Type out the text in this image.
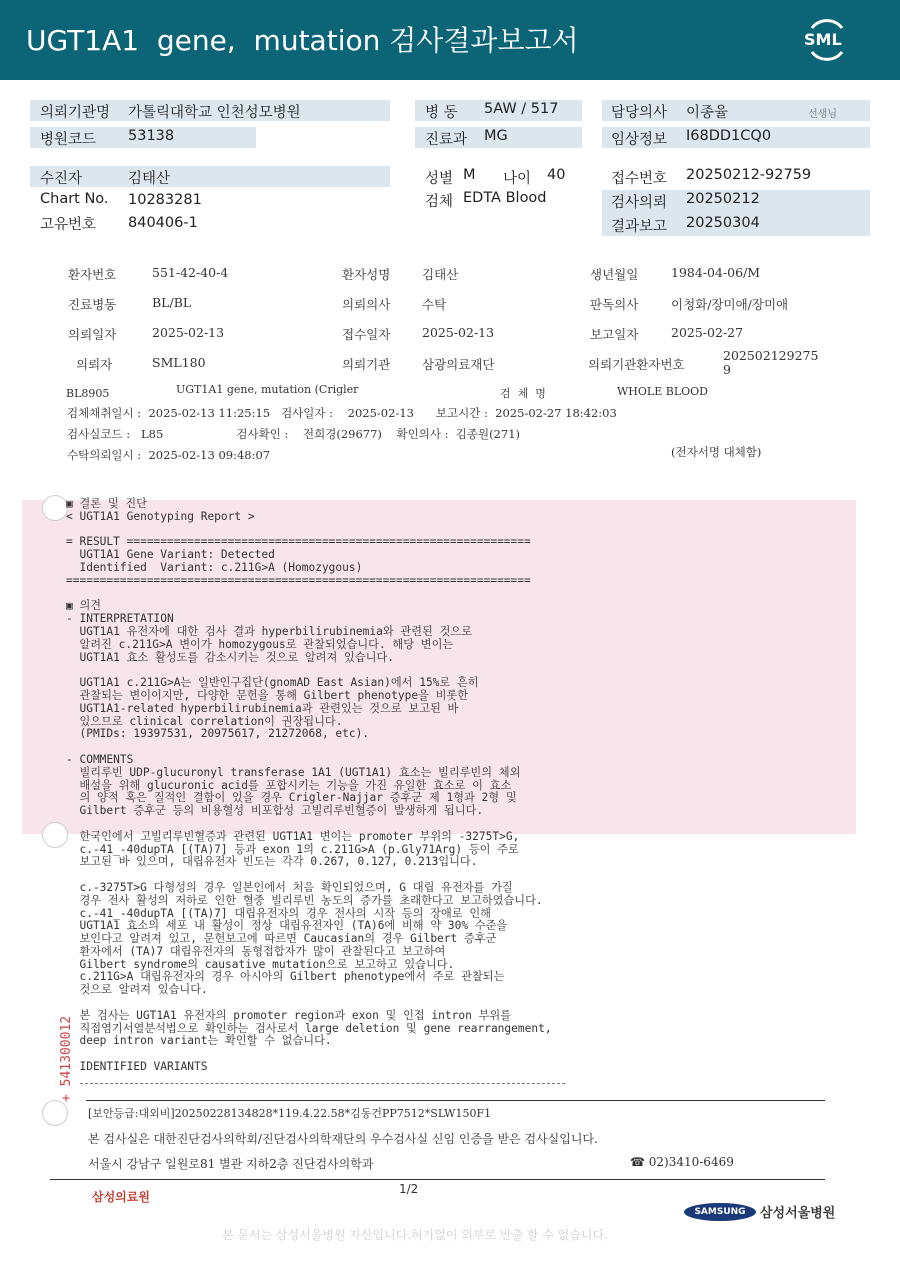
UGT1A1  gene,  mutation 검사결과보고서	SML
의뢰기관명 가톨릭대학교 인천성모병원
병원코드 53138
병 동 5AW / 517
진료과 MG
담당의사 이종율	선생님
임상정보 I68DD1CQ0
수진자	김태산
Chart No. 10283281
고유번호 840406-1
성별 M 나이 40
검체 EDTA Blood
접수번호 20250212-92759
검사의뢰 20250212
결과보고 20250304
환자번호	551-42-40-4	환자성명	김태산	생년월일	1984-04-06/M
진료병동	BL/BL	의뢰의사	수탁	판독의사	이청화/장미애/장미애
의뢰일자	2025-02-13	접수일자	2025-02-13	보고일자	2025-02-27
의뢰자	SML180	의뢰기관	삼광의료재단	의뢰기관환자번호
202502129275
9
BL8905	UGT1A1 gene, mutation (Crigler	검  체  명	WHOLE BLOOD
검체채취일시 :  2025-02-13 11:25:15   검사일자 :    2025-02-13      보고시간 :  2025-02-27 18:42:03
검사실코드 :   L85                    검사확인 :    전희경(29677)    확인의사 :  김종원(271)
수탁의뢰일시 :  2025-02-13 09:48:07	(전자서명 대체함)
▣ 결론 및 진단
< UGT1A1 Genotyping Report >

= RESULT ============================================================
UGT1A1 Gene Variant: Detected
Identified  Variant: c.211G>A (Homozygous)
=====================================================================

▣ 의견
- INTERPRETATION
UGT1A1 유전자에 대한 검사 결과 hyperbilirubinemia와 관련된 것으로
알려진 c.211G>A 변이가 homozygous로 관찰되었습니다. 해당 변이는
UGT1A1 효소 활성도를 감소시키는 것으로 알려져 있습니다.

UGT1A1 c.211G>A는 일반인구집단(gnomAD East Asian)에서 15%로 흔히
관찰되는 변이이지만, 다양한 문헌을 통해 Gilbert phenotype을 비롯한
UGT1A1-related hyperbilirubinemia과 관련있는 것으로 보고된 바
있으므로 clinical correlation이 권장됩니다.
(PMIDs: 19397531, 20975617, 21272068, etc).

- COMMENTS
빌리루빈 UDP-glucuronyl transferase 1A1 (UGT1A1) 효소는 빌리루빈의 체외
배설을 위해 glucuronic acid를 포합시키는 기능을 가진 유일한 효소로 이 효소
의 양적 혹은 질적인 결함이 있을 경우 Crigler-Najjar 증후군 제 1형과 2형 및
Gilbert 증후군 등의 비용혈성 비포합성 고빌리루빈혈증이 발생하게 됩니다.

한국인에서 고빌리루빈혈증과 관련된 UGT1A1 변이는 promoter 부위의 -3275T>G,
c.-41_-40dupTA [(TA)7] 등과 exon 1의 c.211G>A (p.Gly71Arg) 등이 주로
보고된 바 있으며, 대립유전자 빈도는 각각 0.267, 0.127, 0.213입니다.

c.-3275T>G 다형성의 경우 일본인에서 처음 확인되었으며, G 대립 유전자를 가질
경우 전사 활성의 저하로 인한 혈중 빌리루빈 농도의 증가를 초래한다고 보고하였습니다.
c.-41_-40dupTA [(TA)7] 대립유전자의 경우 전사의 시작 등의 장애로 인해
UGT1A1 효소의 세포 내 활성이 정상 대립유전자인 (TA)6에 비해 약 30% 수준을
보인다고 알려져 있고, 문헌보고에 따르면 Caucasian의 경우 Gilbert 증후군
환자에서 (TA)7 대립유전자의 동형접합자가 많이 관찰된다고 보고하여
Gilbert syndrome의 causative mutation으로 보고하고 있습니다.
c.211G>A 대립유전자의 경우 아시아의 Gilbert phenotype에서 주로 관찰되는
것으로 알려져 있습니다.

본 검사는 UGT1A1 유전자의 promoter region과 exon 및 인접 intron 부위를
직접염기서열분석법으로 확인하는 검사로서 large deletion 및 gene rearrangement,
deep intron variant는 확인할 수 없습니다.

IDENTIFIED VARIANTS
+ 541300012
[보안등급:대외비]20250228134828*119.4.22.58*김동건PP7512*SLW150F1
본 검사실은 대한진단검사의학회/진단검사의학재단의 우수검사실 신임 인증을 받은 검사실입니다.
서울시 강남구 일원로81 별관 지하2층 진단검사의학과	☎ 02)3410-6469
삼성의료원
1/2
SAMSUNG	삼성서울병원
본 문서는 삼성서울병원 자산입니다.허가없이 외부로 반출 할 수 없습니다.
